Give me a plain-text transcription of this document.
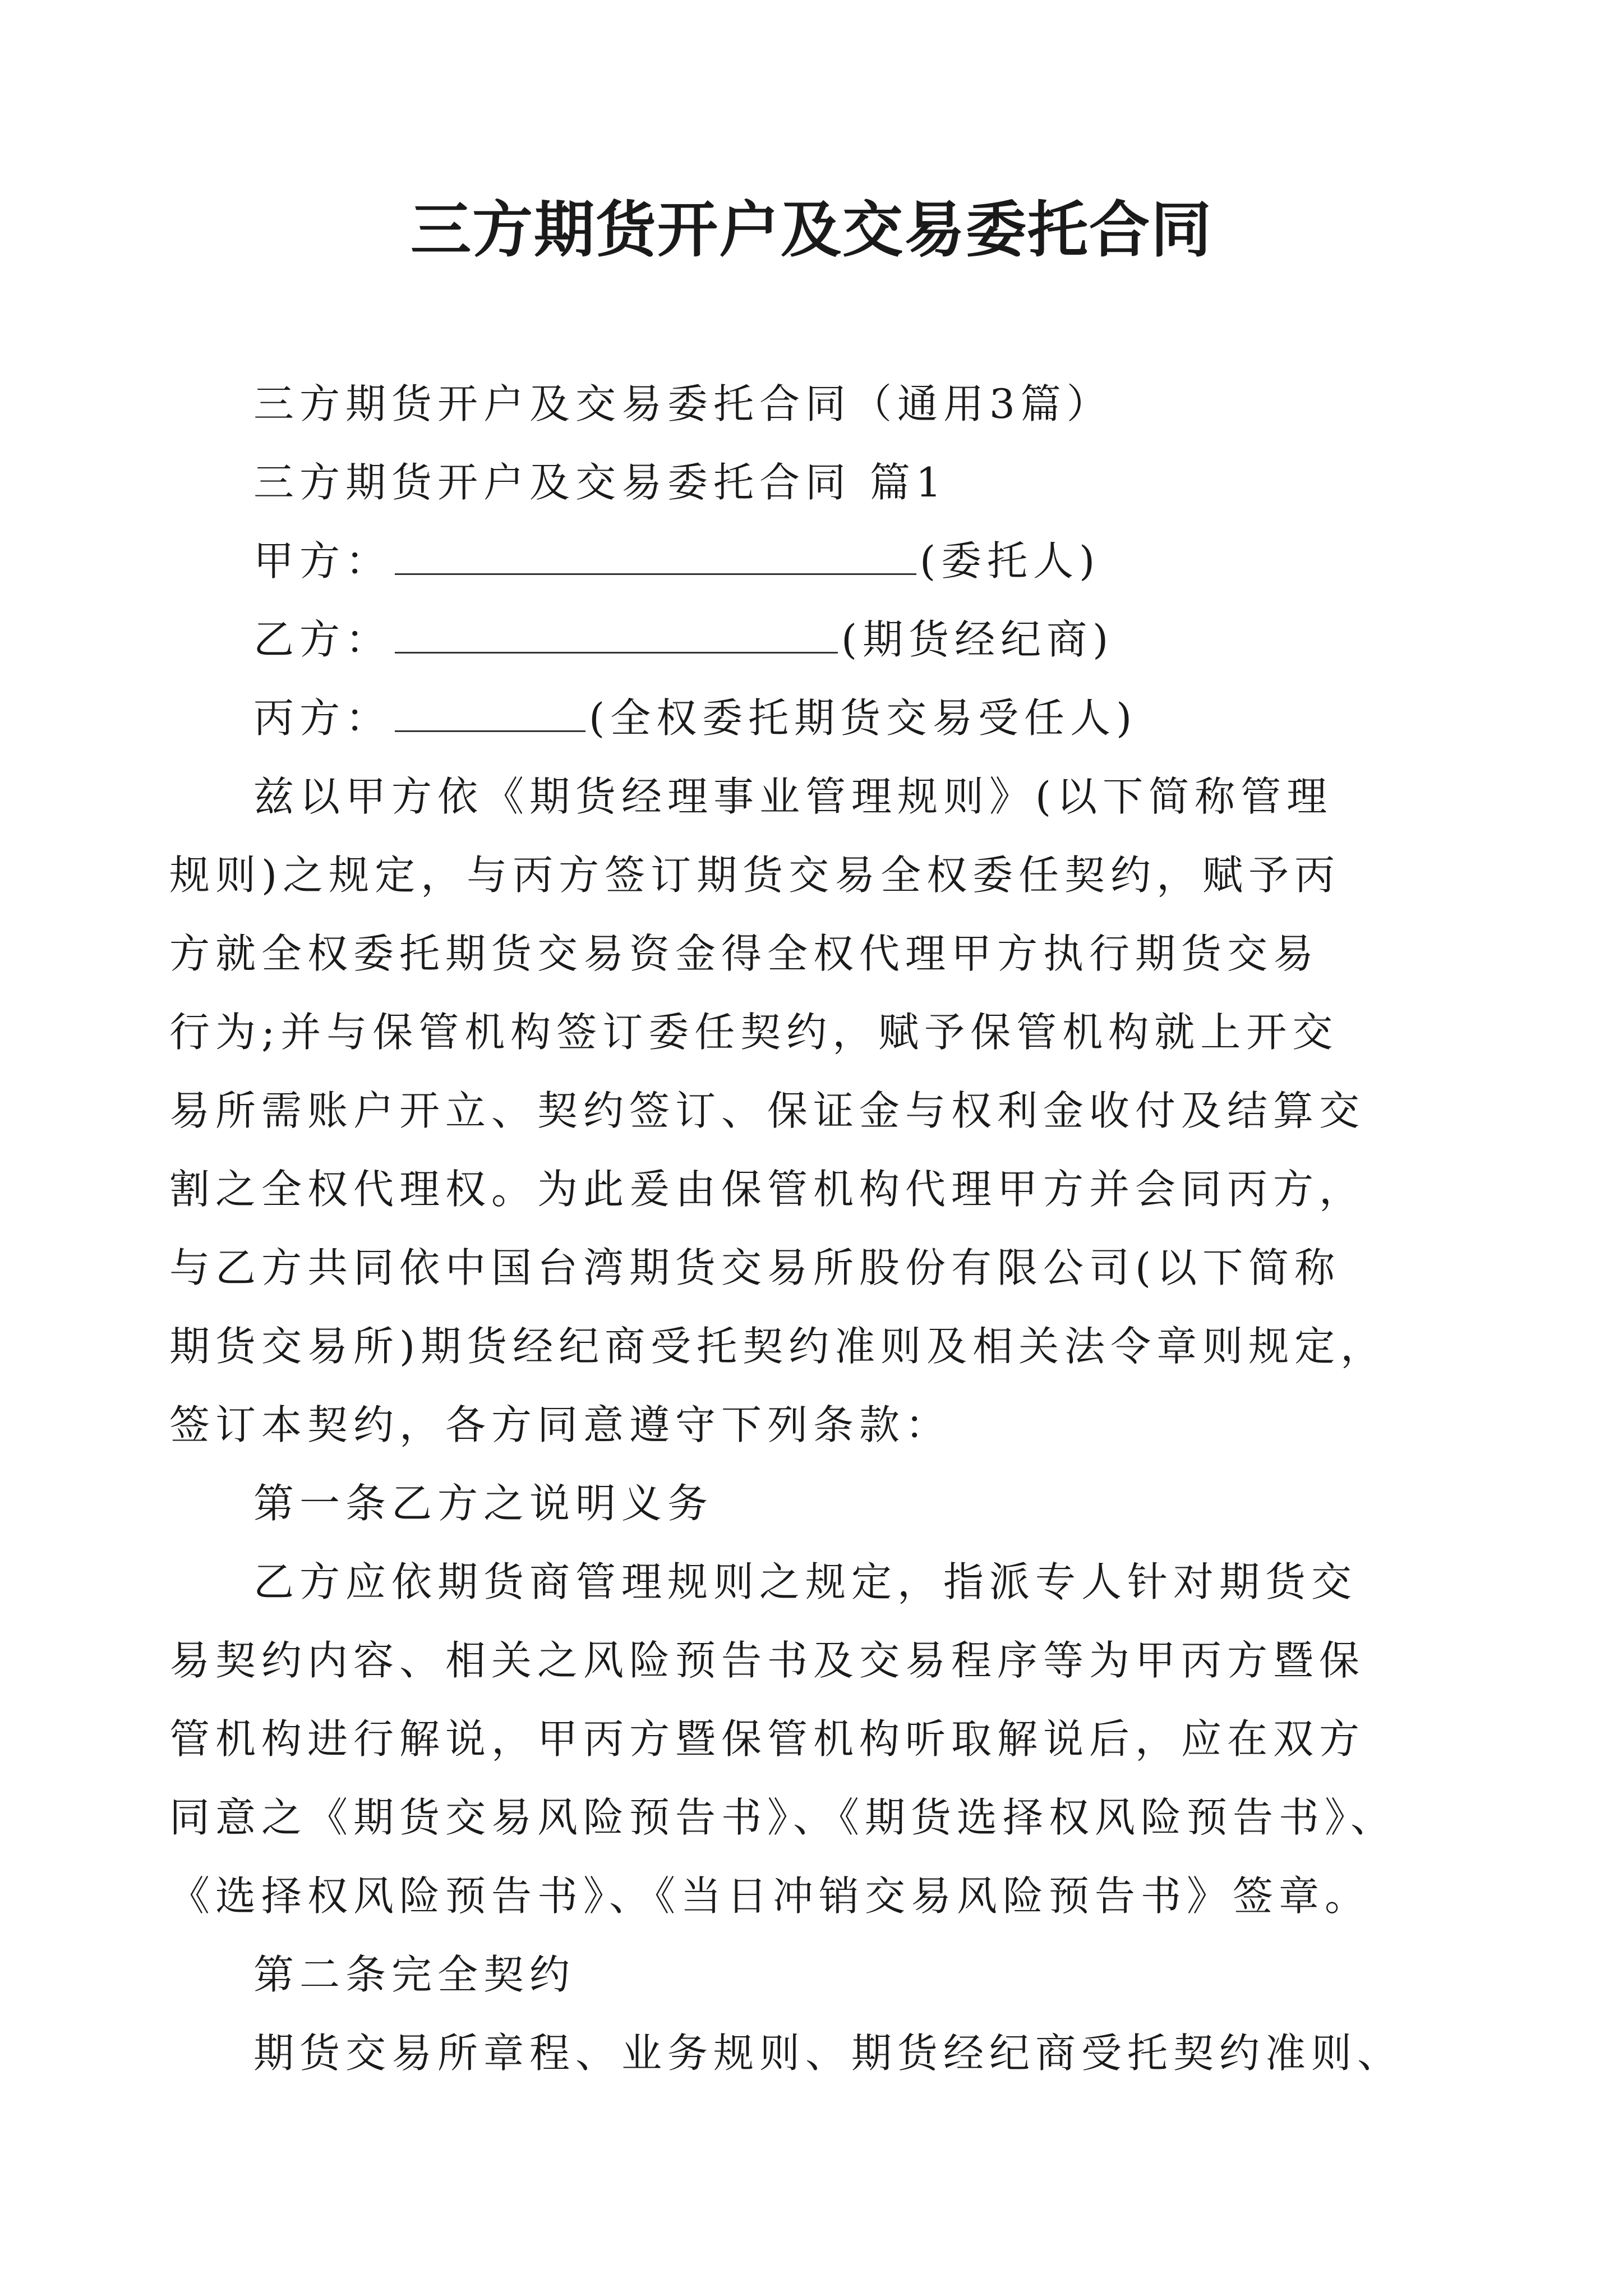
三方期货开户及交易委托合同

三方期货开户及交易委托合同（通用3篇）

三方期货开户及交易委托合同 篇1

甲方：	(委托人)

乙方：	(期货经纪商)

丙方：	(全权委托期货交易受任人)

兹以甲方依《期货经理事业管理规则》(以下简称管理

规则)之规定，与丙方签订期货交易全权委任契约，赋予丙

方就全权委托期货交易资金得全权代理甲方执行期货交易

行为;并与保管机构签订委任契约，赋予保管机构就上开交

易所需账户开立、契约签订、保证金与权利金收付及结算交

割之全权代理权。为此爰由保管机构代理甲方并会同丙方，

与乙方共同依中国台湾期货交易所股份有限公司(以下简称

期货交易所)期货经纪商受托契约准则及相关法令章则规定，

签订本契约，各方同意遵守下列条款：

第一条乙方之说明义务

乙方应依期货商管理规则之规定，指派专人针对期货交

易契约内容、相关之风险预告书及交易程序等为甲丙方暨保

管机构进行解说，甲丙方暨保管机构听取解说后，应在双方

同意之《期货交易风险预告书》、《期货选择权风险预告书》、

《选择权风险预告书》、《当日冲销交易风险预告书》签章。

第二条完全契约

期货交易所章程、业务规则、期货经纪商受托契约准则、
